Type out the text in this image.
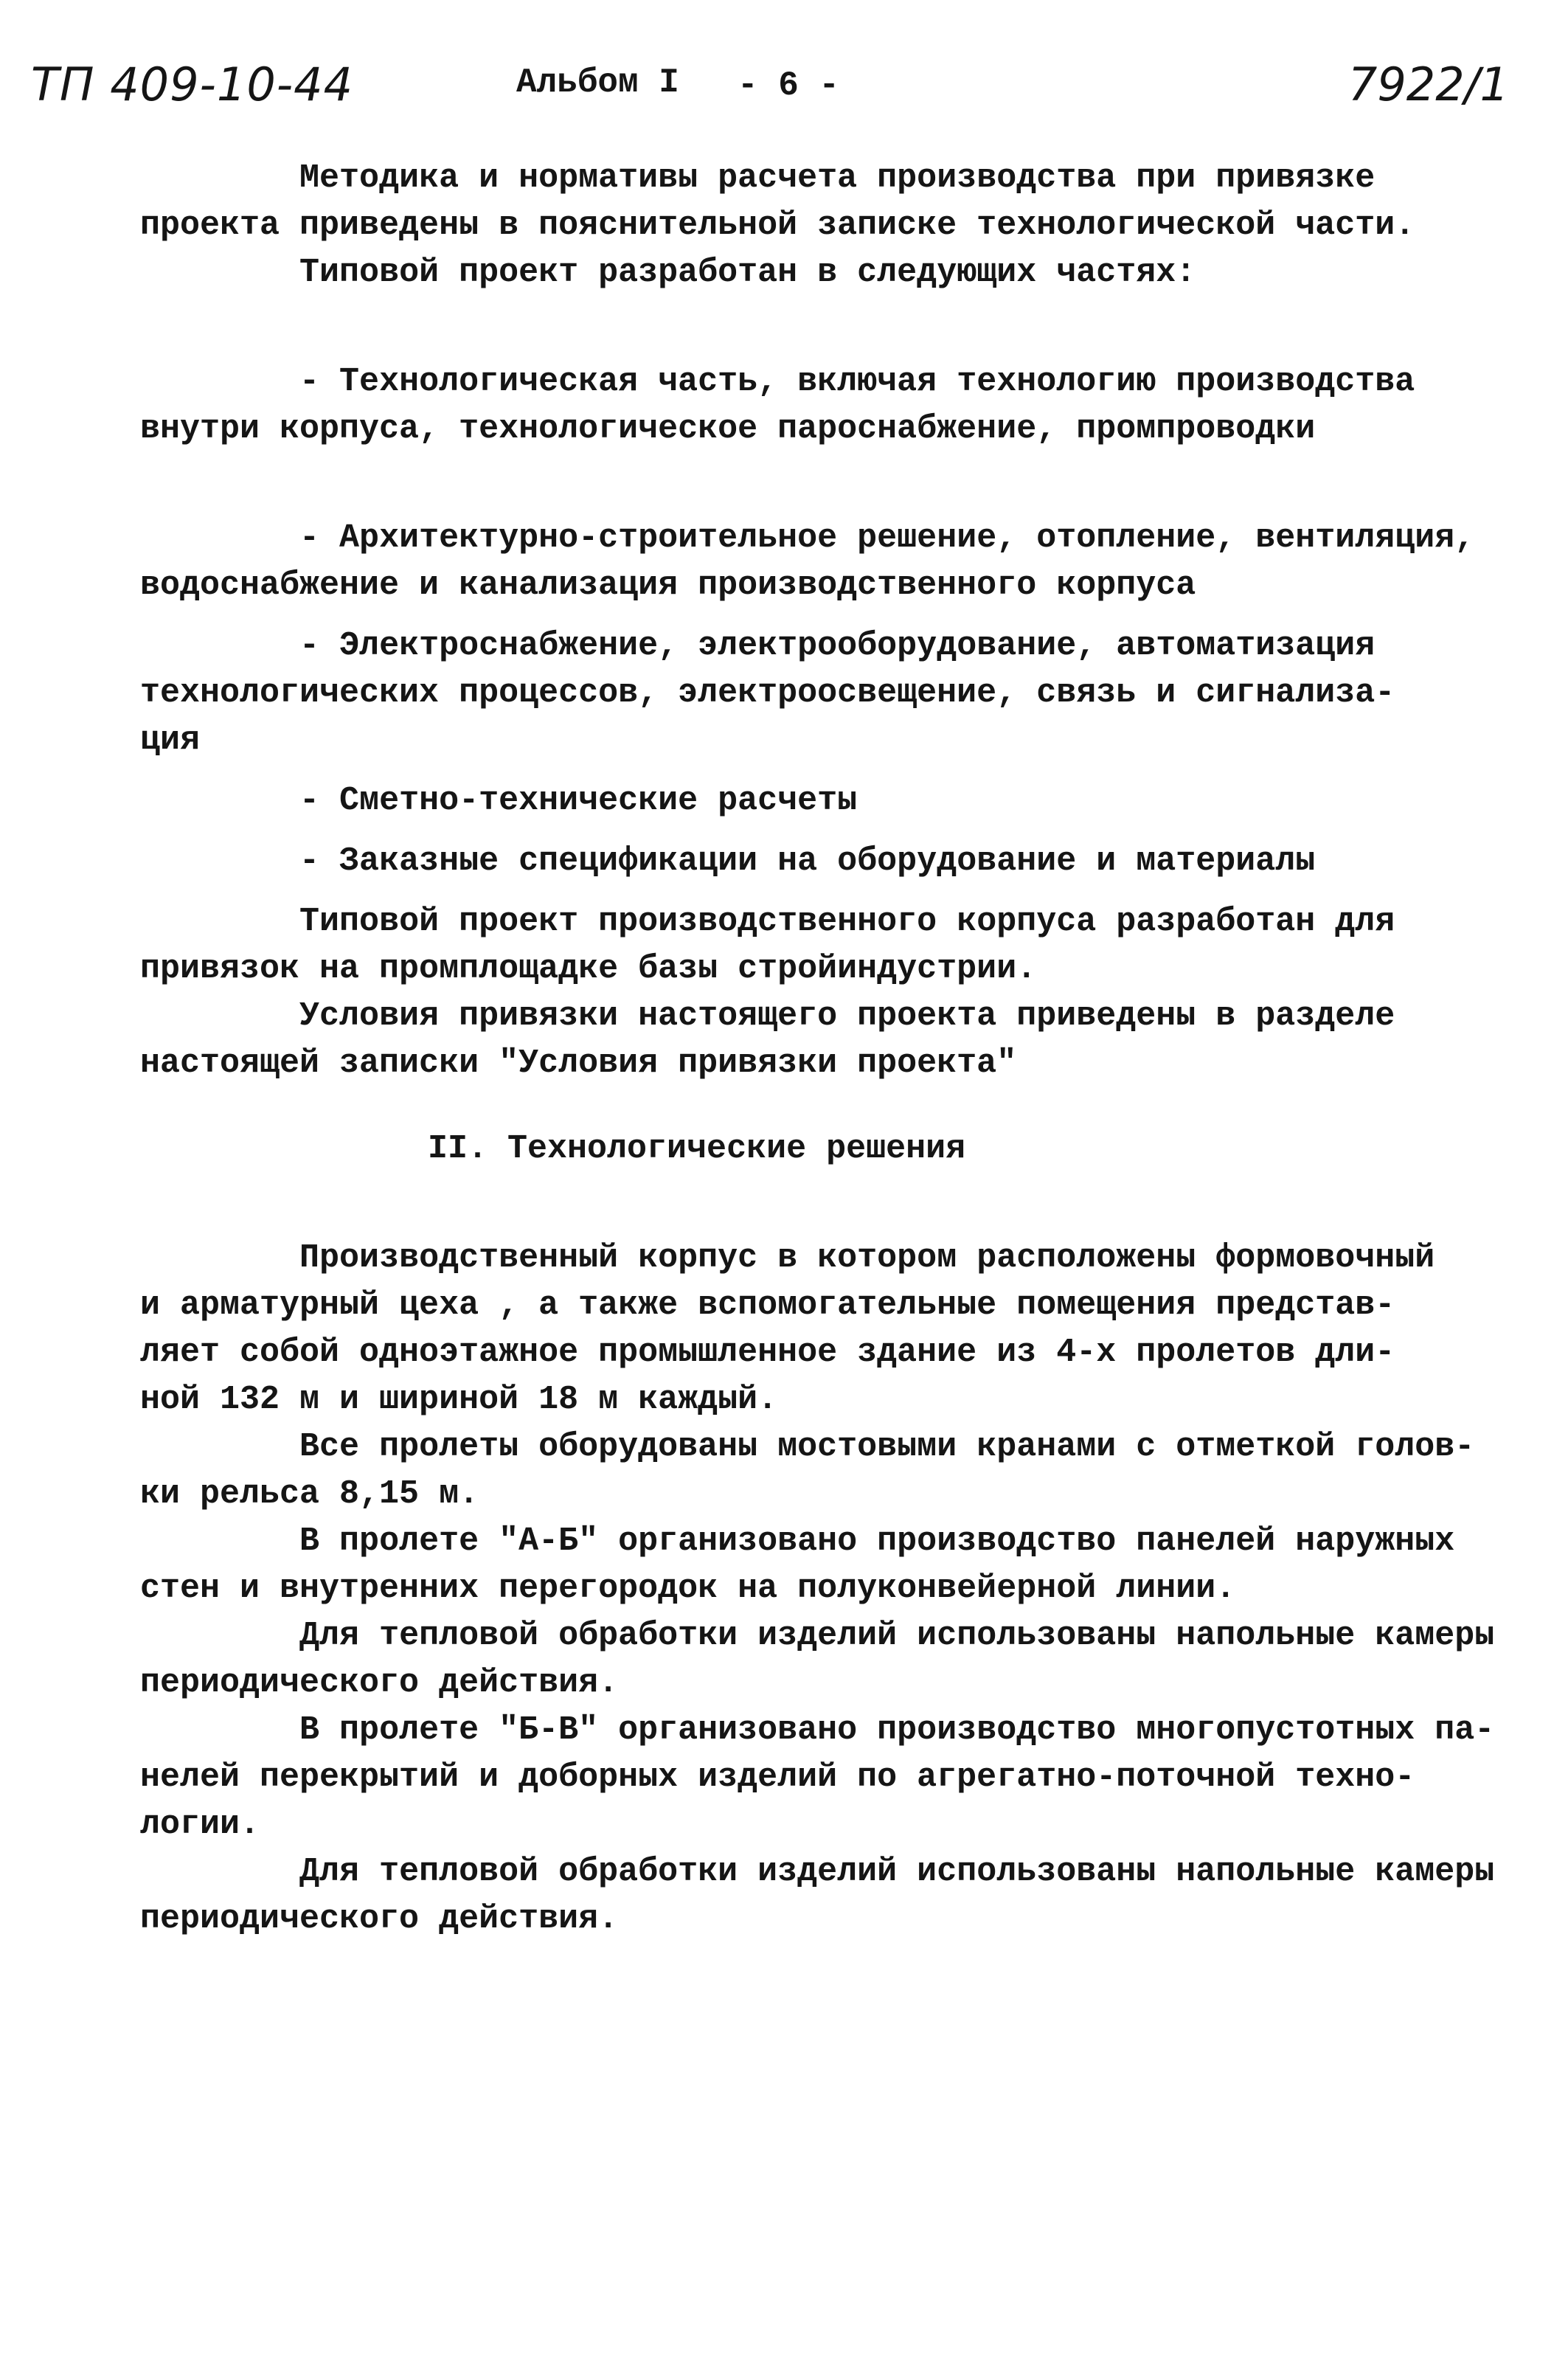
ТП 409-10-44	Альбом I - 6 -	7922/1

Методика и нормативы расчета производства при привязке

проекта приведены в пояснительной записке технологической части.

Типовой проект разработан в следующих частях:

- Технологическая часть, включая технологию производства

внутри корпуса, технологическое пароснабжение, промпроводки

- Архитектурно-строительное решение, отопление, вентиляция,

водоснабжение и канализация производственного корпуса

- Электроснабжение, электрооборудование, автоматизация

технологических процессов, электроосвещение, связь и сигнализа-

ция

- Сметно-технические расчеты

- Заказные спецификации на оборудование и материалы

Типовой проект производственного корпуса разработан для

привязок на промплощадке базы стройиндустрии.

Условия привязки настоящего проекта приведены в разделе

настоящей записки "Условия привязки проекта"

II. Технологические решения

Производственный корпус в котором расположены формовочный

и арматурный цеха , а также вспомогательные помещения представ-

ляет собой одноэтажное промышленное здание из 4-х пролетов дли-

ной 132 м и шириной 18 м каждый.

Все пролеты оборудованы мостовыми кранами с отметкой голов-

ки рельса 8,15 м.

В пролете "А-Б" организовано производство панелей наружных

стен и внутренних перегородок на полуконвейерной линии.

Для тепловой обработки изделий использованы напольные камеры

периодического действия.

В пролете "Б-В" организовано производство многопустотных па-

нелей перекрытий и доборных изделий по агрегатно-поточной техно-

логии.

Для тепловой обработки изделий использованы напольные камеры

периодического действия.
